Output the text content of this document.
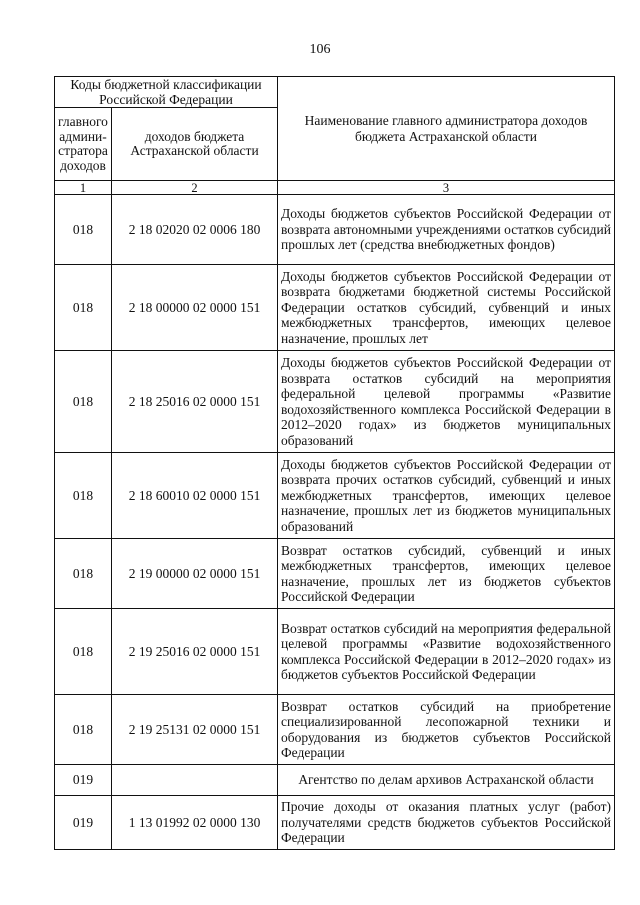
106
Коды бюджетной классификации Российской Федерации		Наименование главного администратора доходов бюджета Астраханской области
главного админи-стратора доходов	доходов бюджета Астраханской области	
1	2	3
018	2 18 02020 02 0006 180	Доходы бюджетов субъектов Российской Федерации от возврата автономными учреждениями остатков субсидий прошлых лет (средства внебюджетных фондов)
018	2 18 00000 02 0000 151	Доходы бюджетов субъектов Российской Федерации от возврата бюджетами бюджетной системы Российской Федерации остатков субсидий, субвенций и иных межбюджетных трансфертов, имеющих целевое назначение, прошлых лет
018	2 18 25016 02 0000 151	Доходы бюджетов субъектов Российской Федерации от возврата остатков субсидий на мероприятия федеральной целевой программы «Развитие водохозяйственного комплекса Российской Федерации в 2012–2020 годах» из бюджетов муниципальных образований
018	2 18 60010 02 0000 151	Доходы бюджетов субъектов Российской Федерации от возврата прочих остатков субсидий, субвенций и иных межбюджетных трансфертов, имеющих целевое назначение, прошлых лет из бюджетов муниципальных образований
018	2 19 00000 02 0000 151	Возврат остатков субсидий, субвенций и иных межбюджетных трансфертов, имеющих целевое назначение, прошлых лет из бюджетов субъектов Российской Федерации
018	2 19 25016 02 0000 151	Возврат остатков субсидий на мероприятия федеральной целевой программы «Развитие водохозяйственного комплекса Российской Федерации в 2012–2020 годах» из бюджетов субъектов Российской Федерации
018	2 19 25131 02 0000 151	Возврат остатков субсидий на приобретение специализированной лесопожарной техники и оборудования из бюджетов субъектов Российской Федерации
019		Агентство по делам архивов Астраханской области
019	1 13 01992 02 0000 130	Прочие доходы от оказания платных услуг (работ) получателями средств бюджетов субъектов Российской Федерации
